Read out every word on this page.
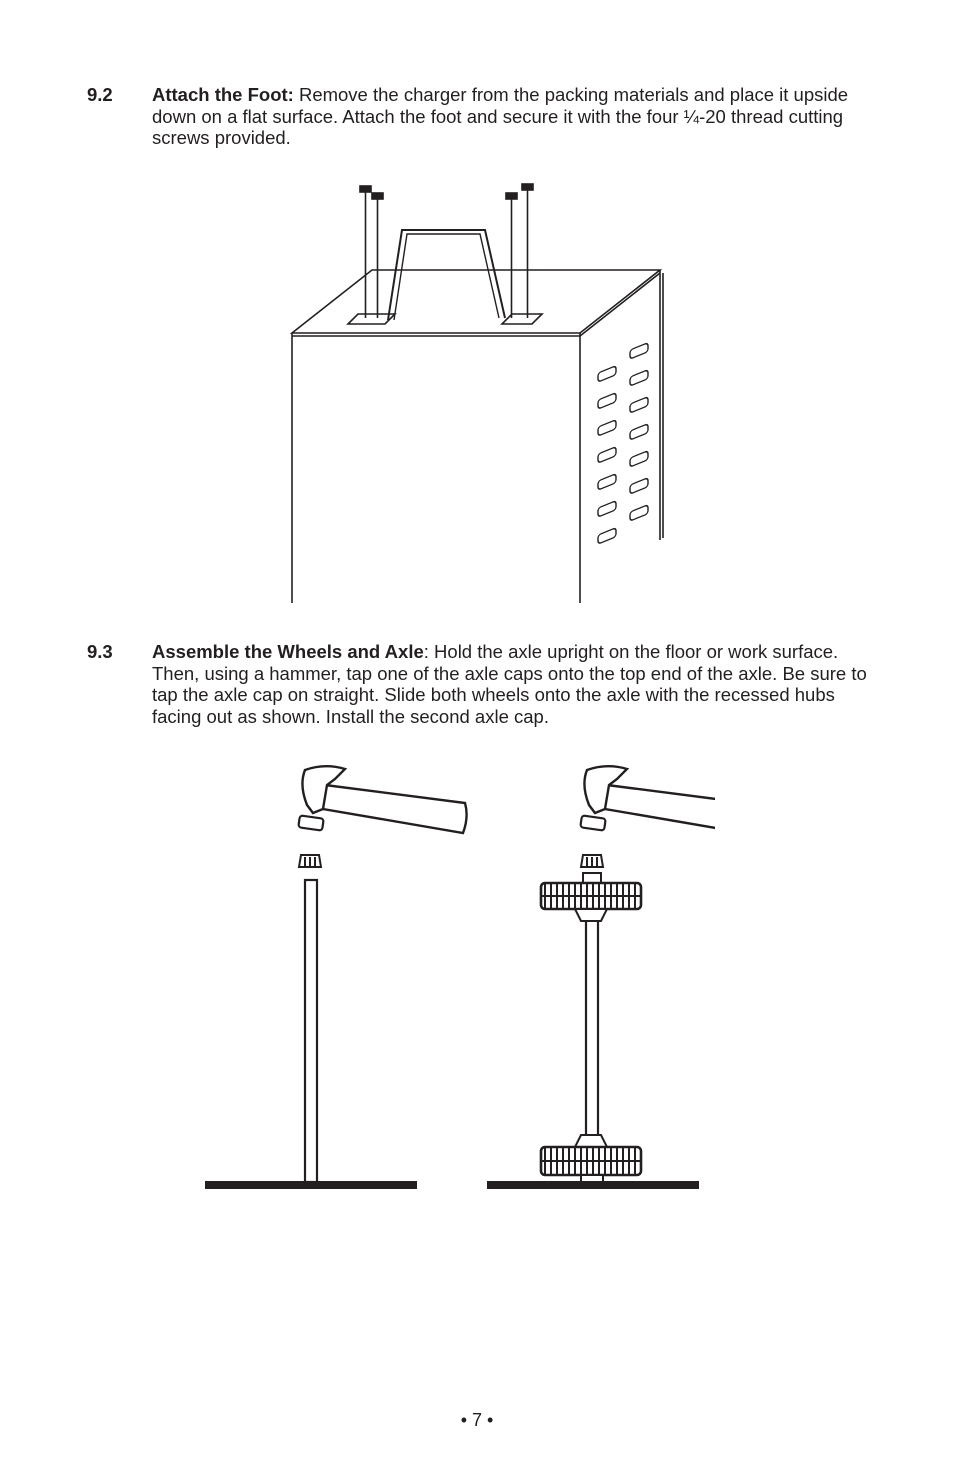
9.2 Attach the Foot: Remove the charger from the packing materials and place it upside down on a flat surface. Attach the foot and secure it with the four ¼-20 thread cutting screws provided.
9.3 Assemble the Wheels and Axle: Hold the axle upright on the floor or work surface. Then, using a hammer, tap one of the axle caps onto the top end of the axle. Be sure to tap the axle cap on straight. Slide both wheels onto the axle with the recessed hubs facing out as shown. Install the second axle cap.
• 7 •
